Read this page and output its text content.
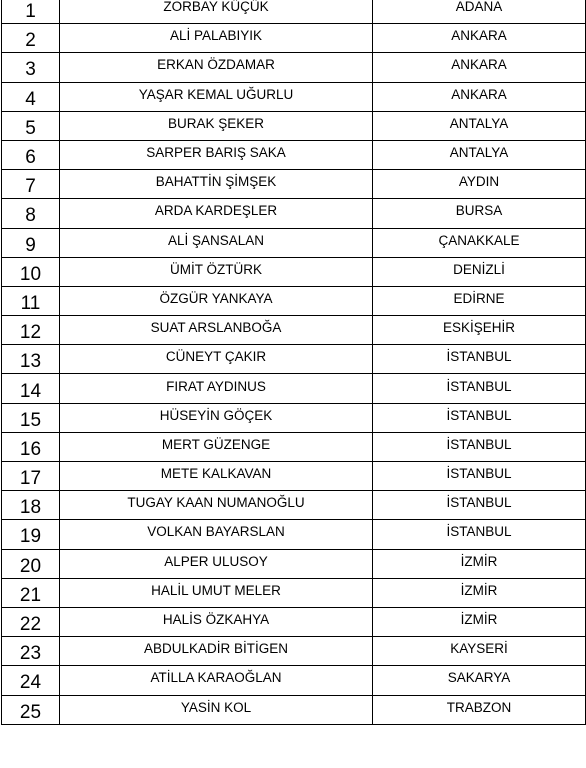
1	ZORBAY KÜÇÜK	ADANA
2	ALİ PALABIYIK	ANKARA
3	ERKAN ÖZDAMAR	ANKARA
4	YAŞAR KEMAL UĞURLU	ANKARA
5	BURAK ŞEKER	ANTALYA
6	SARPER BARIŞ SAKA	ANTALYA
7	BAHATTİN ŞİMŞEK	AYDIN
8	ARDA KARDEŞLER	BURSA
9	ALİ ŞANSALAN	ÇANAKKALE
10	ÜMİT ÖZTÜRK	DENİZLİ
11	ÖZGÜR YANKAYA	EDİRNE
12	SUAT ARSLANBOĞA	ESKİŞEHİR
13	CÜNEYT ÇAKIR	İSTANBUL
14	FIRAT AYDINUS	İSTANBUL
15	HÜSEYİN GÖÇEK	İSTANBUL
16	MERT GÜZENGE	İSTANBUL
17	METE KALKAVAN	İSTANBUL
18	TUGAY KAAN NUMANOĞLU	İSTANBUL
19	VOLKAN BAYARSLAN	İSTANBUL
20	ALPER ULUSOY	İZMİR
21	HALİL UMUT MELER	İZMİR
22	HALİS ÖZKAHYA	İZMİR
23	ABDULKADİR BİTİGEN	KAYSERİ
24	ATİLLA KARAOĞLAN	SAKARYA
25	YASİN KOL	TRABZON
